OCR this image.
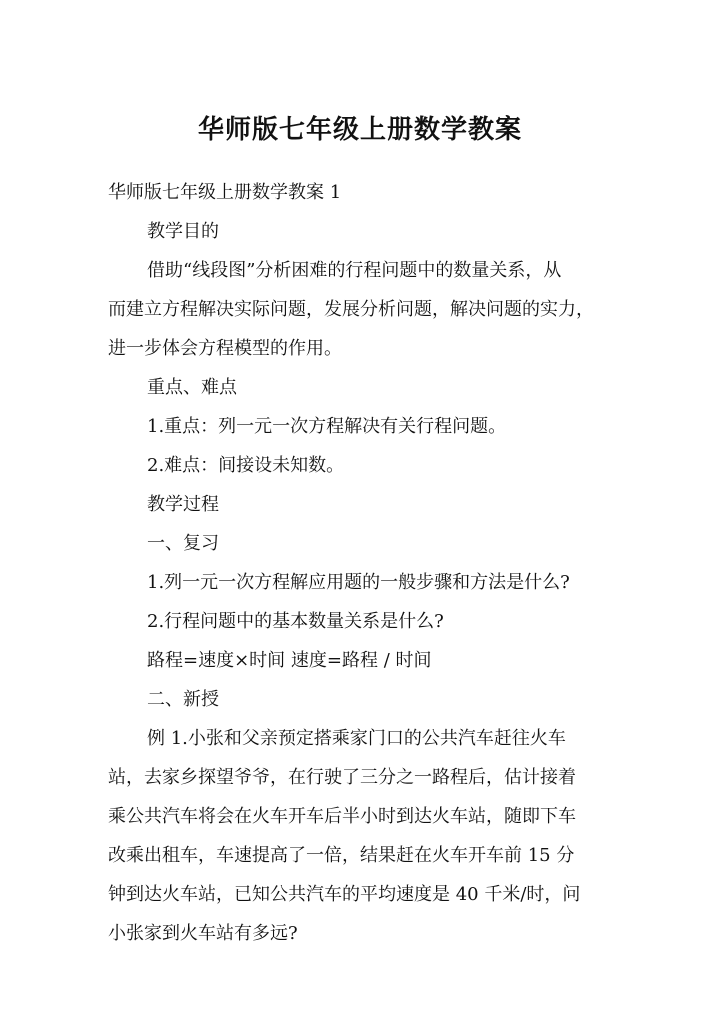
华师版七年级上册数学教案
华师版七年级上册数学教案 1
教学目的
借助“线段图”分析困难的行程问题中的数量关系，从
而建立方程解决实际问题，发展分析问题，解决问题的实力，
进一步体会方程模型的作用。
重点、难点
1.重点：列一元一次方程解决有关行程问题。
2.难点：间接设未知数。
教学过程
一、复习
1.列一元一次方程解应用题的一般步骤和方法是什么?
2.行程问题中的基本数量关系是什么?
路程=速度×时间 速度=路程 / 时间
二、新授
例 1.小张和父亲预定搭乘家门口的公共汽车赶往火车
站，去家乡探望爷爷，在行驶了三分之一路程后，估计接着
乘公共汽车将会在火车开车后半小时到达火车站，随即下车
改乘出租车，车速提高了一倍，结果赶在火车开车前 15 分
钟到达火车站，已知公共汽车的平均速度是 40 千米/时，问
小张家到火车站有多远?
